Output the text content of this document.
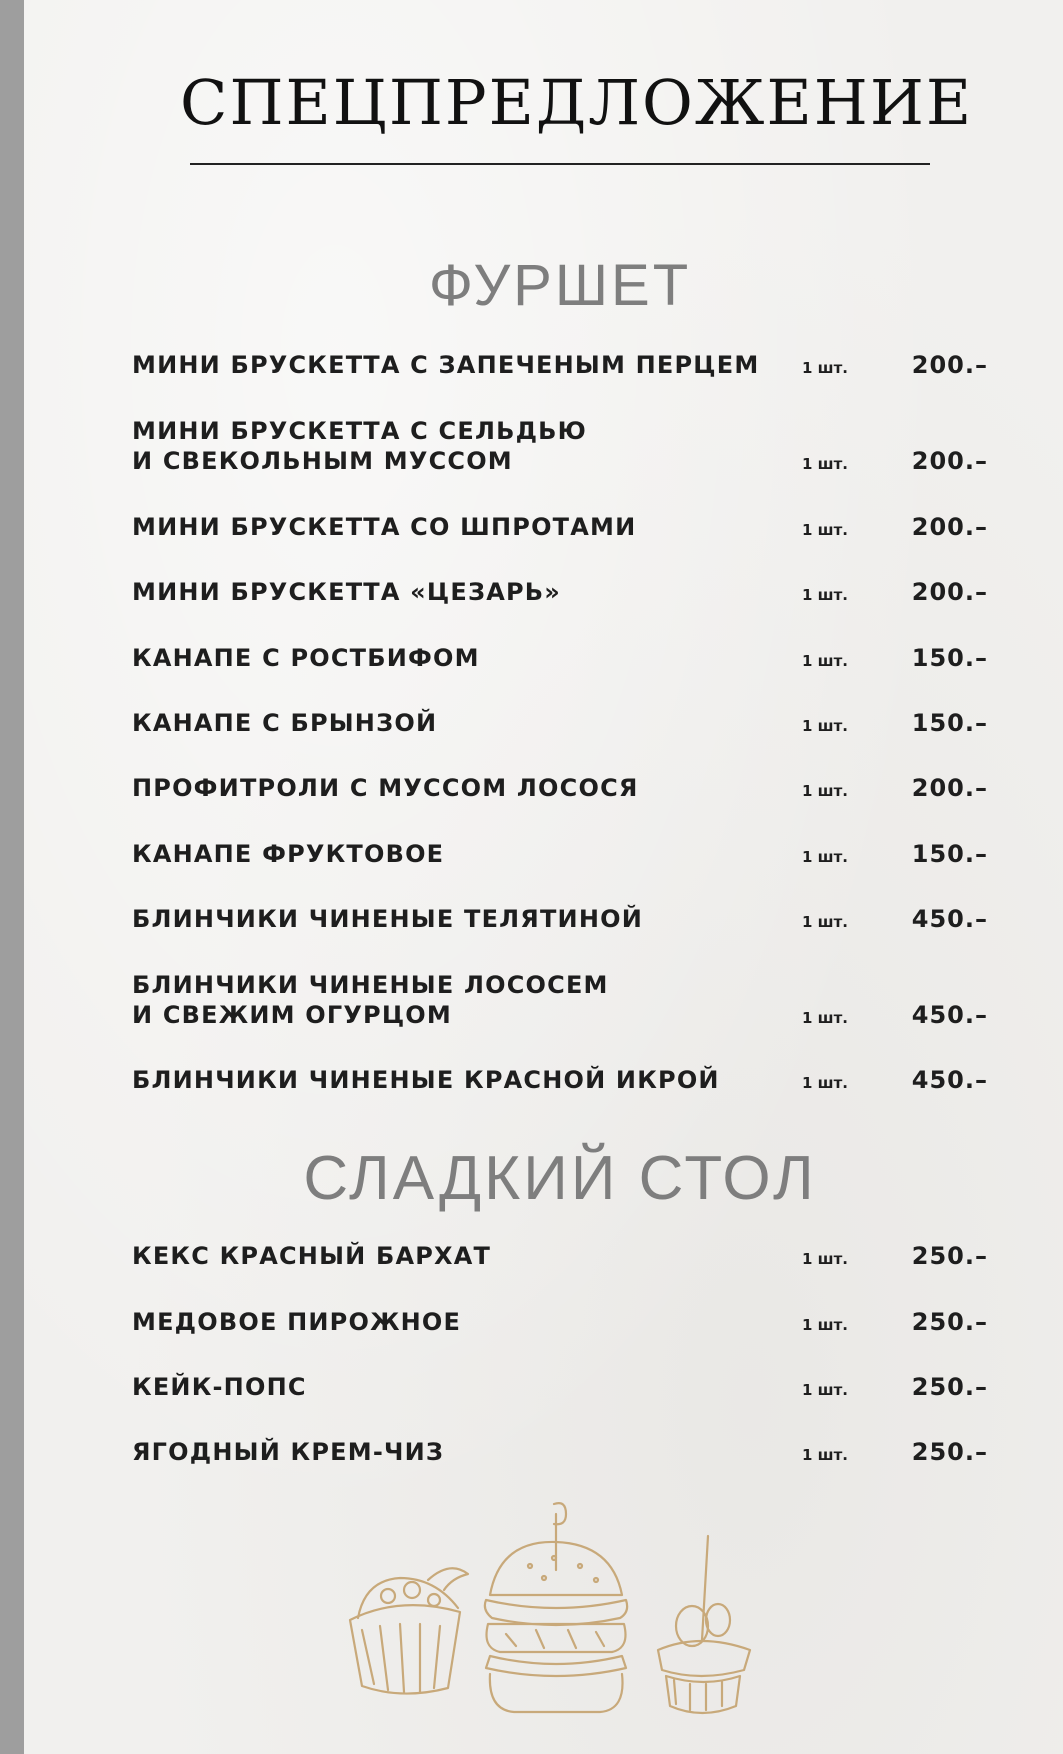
СПЕЦПРЕДЛОЖЕНИЕ
ФУРШЕТ
МИНИ БРУСКЕТТА С ЗАПЕЧЕНЫМ ПЕРЦЕМ	1 шт.	200.–
МИНИ БРУСКЕТТА С СЕЛЬДЬЮ
И СВЕКОЛЬНЫМ МУССОМ	1 шт.	200.–
МИНИ БРУСКЕТТА СО ШПРОТАМИ	1 шт.	200.–
МИНИ БРУСКЕТТА «ЦЕЗАРЬ»	1 шт.	200.–
КАНАПЕ С РОСТБИФОМ	1 шт.	150.–
КАНАПЕ С БРЫНЗОЙ	1 шт.	150.–
ПРОФИТРОЛИ С МУССОМ ЛОСОСЯ	1 шт.	200.–
КАНАПЕ ФРУКТОВОЕ	1 шт.	150.–
БЛИНЧИКИ ЧИНЕНЫЕ ТЕЛЯТИНОЙ	1 шт.	450.–
БЛИНЧИКИ ЧИНЕНЫЕ ЛОСОСЕМ
И СВЕЖИМ ОГУРЦОМ	1 шт.	450.–
БЛИНЧИКИ ЧИНЕНЫЕ КРАСНОЙ ИКРОЙ	1 шт.	450.–
СЛАДКИЙ СТОЛ
КЕКС КРАСНЫЙ БАРХАТ	1 шт.	250.–
МЕДОВОЕ ПИРОЖНОЕ	1 шт.	250.–
КЕЙК-ПОПС	1 шт.	250.–
ЯГОДНЫЙ КРЕМ-ЧИЗ	1 шт.	250.–
